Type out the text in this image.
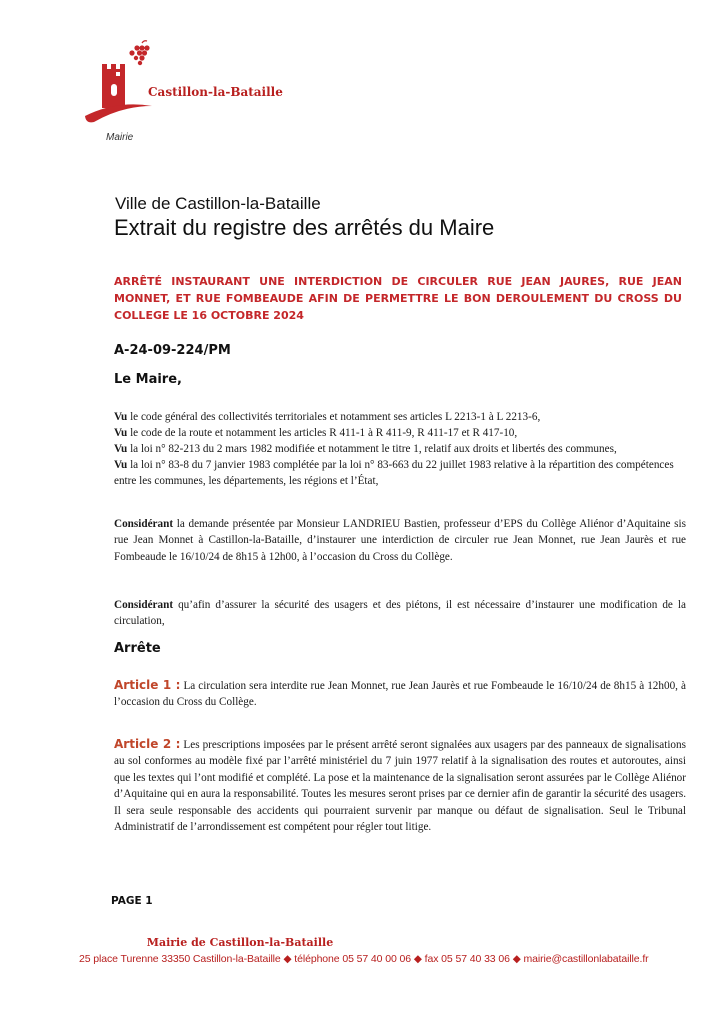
Castillon-la-Bataille
Mairie
Ville de Castillon-la-Bataille
Extrait du registre des arrêtés du Maire
ARRÊTÉ INSTAURANT UNE INTERDICTION DE CIRCULER RUE JEAN JAURES, RUE JEAN MONNET, ET RUE FOMBEAUDE AFIN DE PERMETTRE LE BON DEROULEMENT DU CROSS DU COLLEGE LE 16 OCTOBRE 2024
A-24-09-224/PM
Le Maire,

Vu le code général des collectivités territoriales et notamment ses articles L 2213-1 à L 2213-6,

Vu le code de la route et notamment les articles R 411-1 à R 411-9, R 411-17 et R 417-10,

Vu la loi n° 82-213 du 2 mars 1982 modifiée et notamment le titre 1, relatif aux droits et libertés des communes,

Vu la loi n° 83-8 du 7 janvier 1983 complétée par la loi n° 83-663 du 22 juillet 1983 relative à la répartition des compétences entre les communes, les départements, les régions et l’État,

Considérant la demande présentée par Monsieur LANDRIEU Bastien, professeur d’EPS du Collège Aliénor d’Aquitaine sis rue Jean Monnet à Castillon-la-Bataille, d’instaurer une interdiction de circuler rue Jean Monnet, rue Jean Jaurès et rue Fombeaude le 16/10/24 de 8h15 à 12h00, à l’occasion du Cross du Collège.

Considérant qu’afin d’assurer la sécurité des usagers et des piétons, il est nécessaire d’instaurer une modification de la circulation,

Arrête

Article 1 : La circulation sera interdite rue Jean Monnet, rue Jean Jaurès et rue Fombeaude le 16/10/24 de 8h15 à 12h00, à l’occasion du Cross du Collège.

Article 2 : Les prescriptions imposées par le présent arrêté seront signalées aux usagers par des panneaux de signalisations au sol conformes au modèle fixé par l’arrêté ministériel du 7 juin 1977 relatif à la signalisation des routes et autoroutes, ainsi que les textes qui l’ont modifié et complété. La pose et la maintenance de la signalisation seront assurées par le Collège Aliénor d’Aquitaine qui en aura la responsabilité. Toutes les mesures seront prises par ce dernier afin de garantir la sécurité des usagers. Il sera seule responsable des accidents qui pourraient survenir par manque ou défaut de signalisation. Seul le Tribunal Administratif de l’arrondissement est compétent pour régler tout litige.

PAGE 1
Mairie de Castillon-la-Bataille
25 place Turenne 33350 Castillon-la-Bataille ◆ téléphone 05 57 40 00 06 ◆ fax 05 57 40 33 06 ◆ mairie@castillonlabataille.fr
